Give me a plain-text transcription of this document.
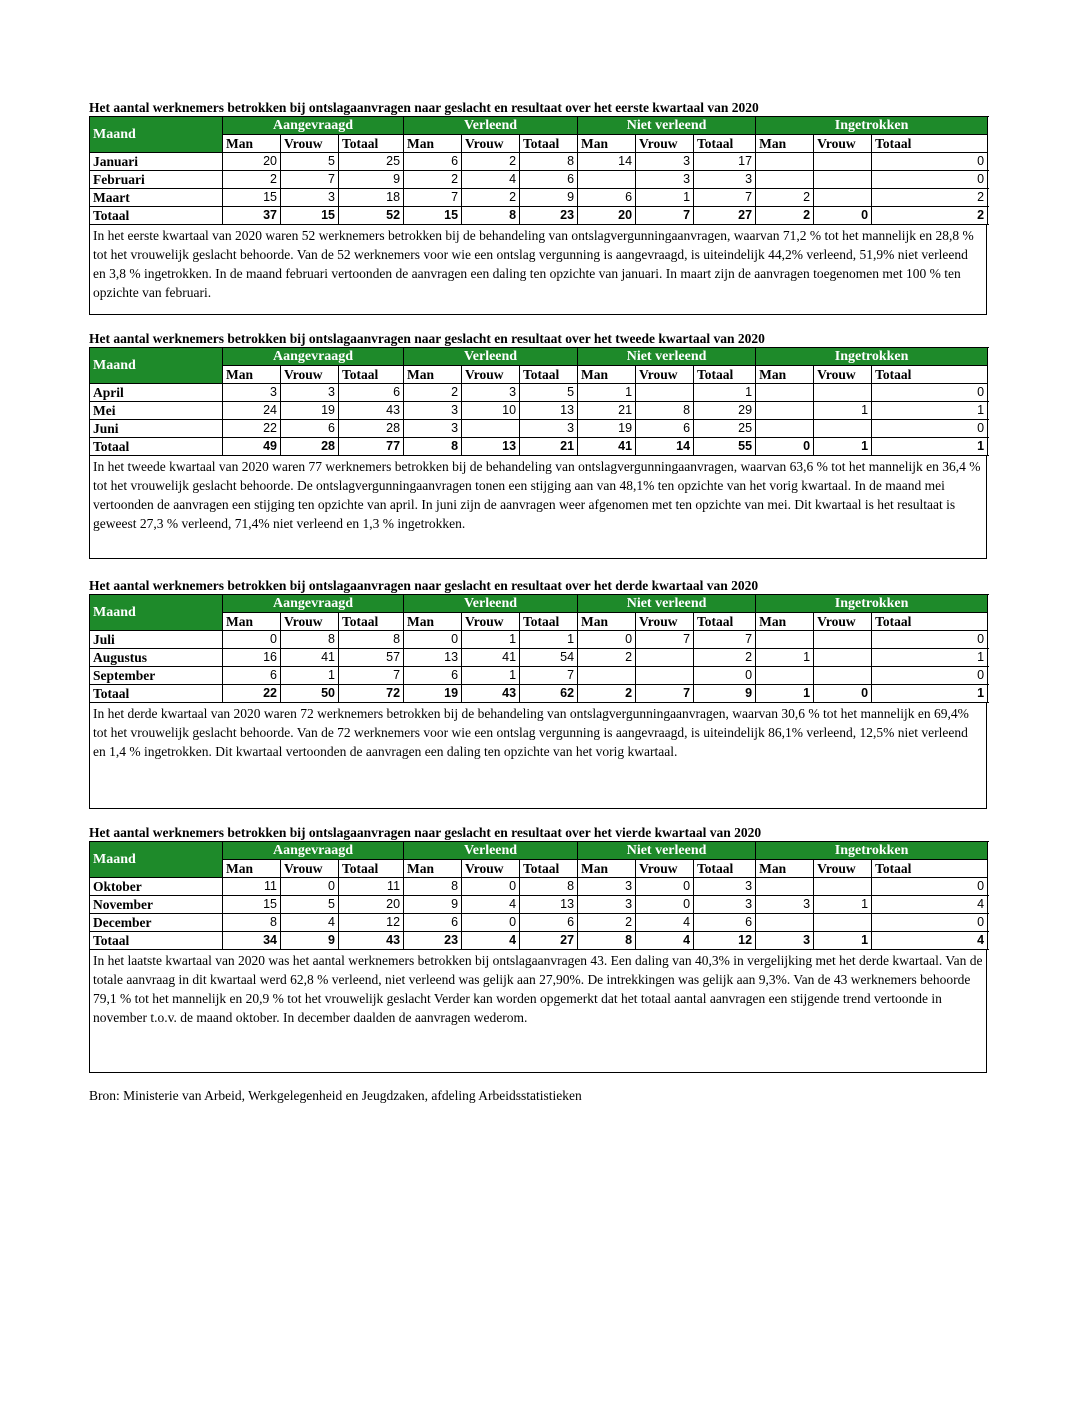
Het aantal werknemers betrokken bij ontslagaanvragen naar geslacht en resultaat over het eerste kwartaal van 2020
Maand	Aangevraagd			Verleend			Niet verleend			Ingetrokken			
	Man	Vrouw	Totaal	Man	Vrouw	Totaal	Man	Vrouw	Totaal	Man	Vrouw	Totaal	
Januari	20	5	25	6	2	8	14	3	17			0	
Februari	2	7	9	2	4	6		3	3			0	
Maart	15	3	18	7	2	9	6	1	7	2		2	
Totaal	37	15	52	15	8	23	20	7	27	2	0	2	
In het eerste kwartaal van 2020 waren 52 werknemers betrokken bij de behandeling van ontslagvergunningaanvragen, waarvan 71,2 % tot het mannelijk en 28,8 % tot het vrouwelijk geslacht behoorde. Van de 52 werknemers voor wie een ontslag vergunning is aangevraagd, is uiteindelijk 44,2% verleend, 51,9% niet verleend en 3,8 % ingetrokken. In de maand februari vertoonden de aanvragen een daling ten opzichte van januari. In maart zijn de aanvragen toegenomen met 100 % ten opzichte van februari.
Het aantal werknemers betrokken bij ontslagaanvragen naar geslacht en resultaat over het tweede kwartaal van 2020
Maand	Aangevraagd			Verleend			Niet verleend			Ingetrokken			
	Man	Vrouw	Totaal	Man	Vrouw	Totaal	Man	Vrouw	Totaal	Man	Vrouw	Totaal	
April	3	3	6	2	3	5	1		1			0	
Mei	24	19	43	3	10	13	21	8	29		1	1	
Juni	22	6	28	3		3	19	6	25			0	
Totaal	49	28	77	8	13	21	41	14	55	0	1	1	
In het tweede kwartaal van 2020 waren 77 werknemers betrokken bij de behandeling van ontslagvergunningaanvragen, waarvan 63,6 % tot het mannelijk en 36,4 % tot het vrouwelijk geslacht behoorde. De ontslagvergunningaanvragen tonen een stijging aan van 48,1% ten opzichte van het vorig kwartaal. In de maand mei vertoonden de aanvragen een stijging ten opzichte van april. In juni zijn de aanvragen weer afgenomen met ten opzichte van mei. Dit kwartaal is het resultaat is geweest 27,3 % verleend, 71,4% niet verleend en 1,3 % ingetrokken.
Het aantal werknemers betrokken bij ontslagaanvragen naar geslacht en resultaat over het derde kwartaal van 2020
Maand	Aangevraagd			Verleend			Niet verleend			Ingetrokken			
	Man	Vrouw	Totaal	Man	Vrouw	Totaal	Man	Vrouw	Totaal	Man	Vrouw	Totaal	
Juli	0	8	8	0	1	1	0	7	7			0	
Augustus	16	41	57	13	41	54	2		2	1		1	
September	6	1	7	6	1	7			0			0	
Totaal	22	50	72	19	43	62	2	7	9	1	0	1	
In het derde kwartaal van 2020 waren 72 werknemers betrokken bij de behandeling van ontslagvergunningaanvragen, waarvan 30,6 % tot het mannelijk en 69,4% tot het vrouwelijk geslacht behoorde. Van de 72 werknemers voor wie een ontslag vergunning is aangevraagd, is uiteindelijk 86,1% verleend, 12,5% niet verleend en 1,4 % ingetrokken. Dit kwartaal vertoonden de aanvragen een daling ten opzichte van het vorig kwartaal.
Het aantal werknemers betrokken bij ontslagaanvragen naar geslacht en resultaat over het vierde kwartaal van 2020
Maand	Aangevraagd			Verleend			Niet verleend			Ingetrokken			
	Man	Vrouw	Totaal	Man	Vrouw	Totaal	Man	Vrouw	Totaal	Man	Vrouw	Totaal	
Oktober	11	0	11	8	0	8	3	0	3			0	
November	15	5	20	9	4	13	3	0	3	3	1	4	
December	8	4	12	6	0	6	2	4	6			0	
Totaal	34	9	43	23	4	27	8	4	12	3	1	4	
In het laatste kwartaal van 2020 was het aantal werknemers betrokken bij ontslagaanvragen 43. Een daling van 40,3% in vergelijking met het derde kwartaal. Van de totale aanvraag in dit kwartaal werd 62,8 % verleend, niet verleend was gelijk aan 27,90%. De intrekkingen was gelijk aan 9,3%. Van de 43 werknemers behoorde 79,1 % tot het mannelijk en 20,9 % tot het vrouwelijk geslacht Verder kan worden opgemerkt dat het totaal aantal aanvragen een stijgende trend vertoonde in november t.o.v. de maand oktober. In december daalden de aanvragen wederom.
Bron: Ministerie van Arbeid, Werkgelegenheid en Jeugdzaken, afdeling Arbeidsstatistieken
